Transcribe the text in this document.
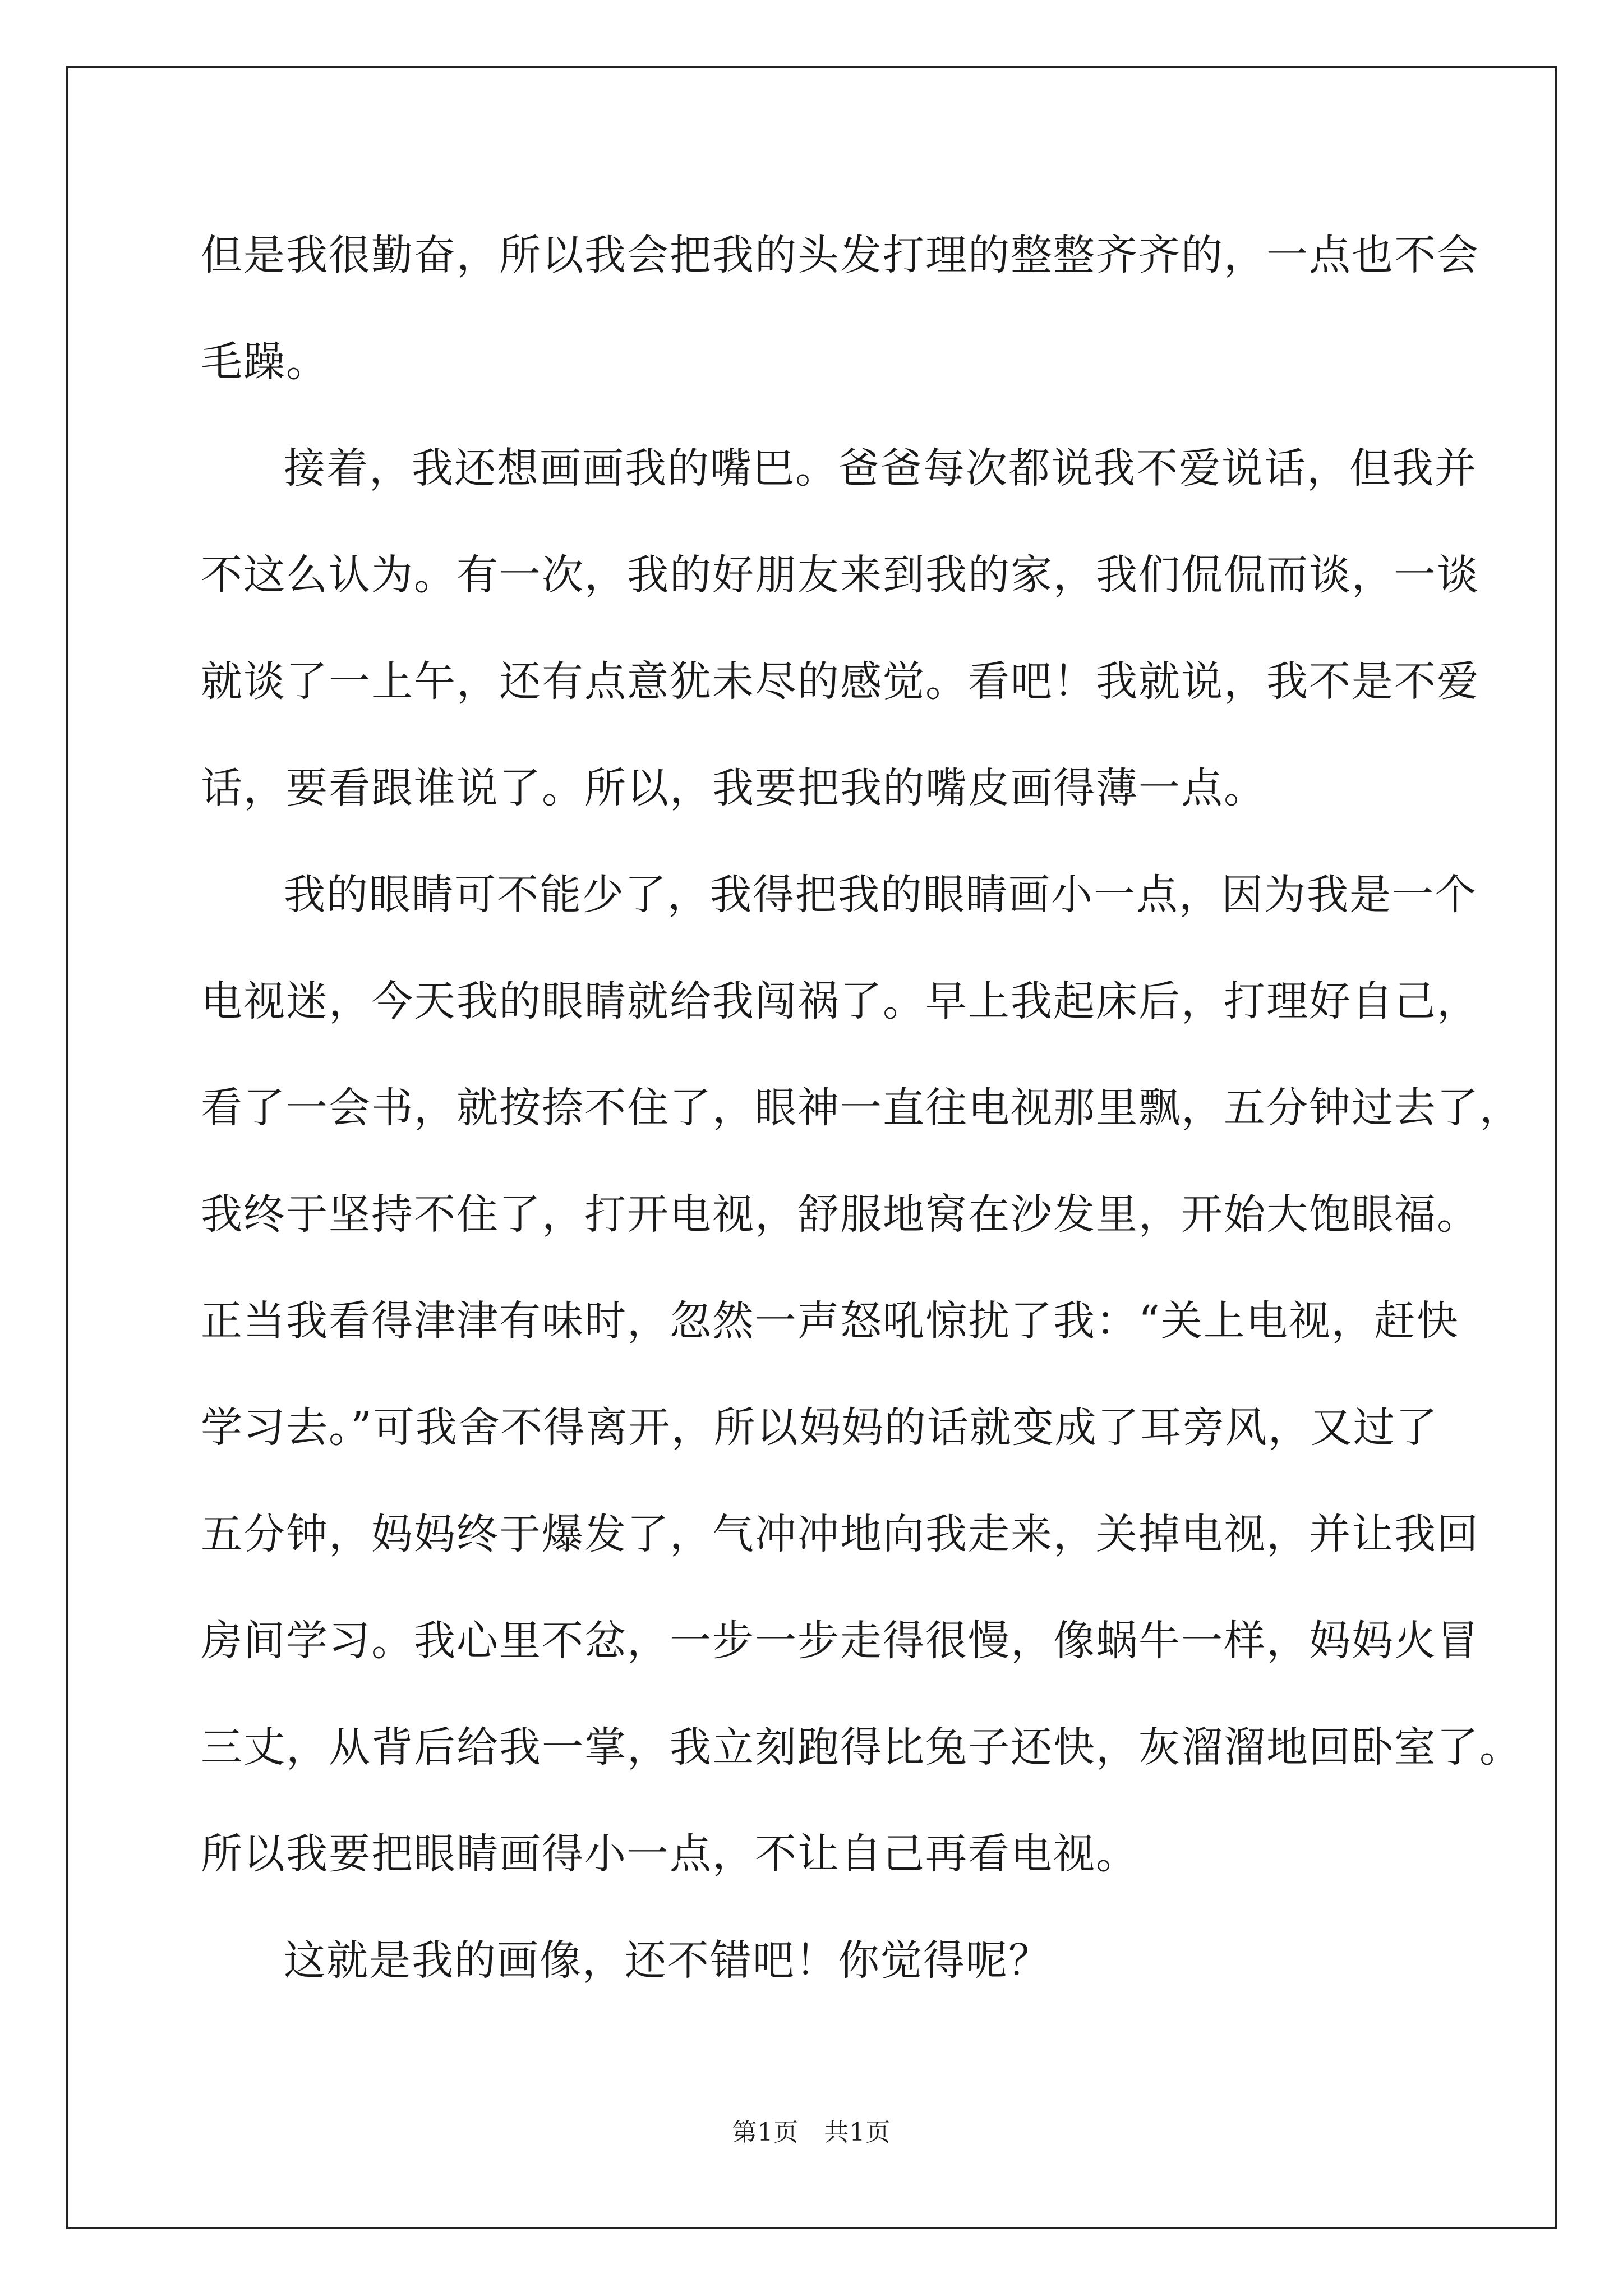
但是我很勤奋，所以我会把我的头发打理的整整齐齐的，一点也不会
毛躁。
接着，我还想画画我的嘴巴。爸爸每次都说我不爱说话，但我并
不这么认为。有一次，我的好朋友来到我的家，我们侃侃而谈，一谈
就谈了一上午，还有点意犹未尽的感觉。看吧！我就说，我不是不爱
话，要看跟谁说了。所以，我要把我的嘴皮画得薄一点。
我的眼睛可不能少了，我得把我的眼睛画小一点，因为我是一个
电视迷，今天我的眼睛就给我闯祸了。早上我起床后，打理好自己，
看了一会书，就按捺不住了，眼神一直往电视那里飘，五分钟过去了，
我终于坚持不住了，打开电视，舒服地窝在沙发里，开始大饱眼福。
正当我看得津津有味时，忽然一声怒吼惊扰了我：“关上电视，赶快
学习去。”可我舍不得离开，所以妈妈的话就变成了耳旁风，又过了
五分钟，妈妈终于爆发了，气冲冲地向我走来，关掉电视，并让我回
房间学习。我心里不忿，一步一步走得很慢，像蜗牛一样，妈妈火冒
三丈，从背后给我一掌，我立刻跑得比兔子还快，灰溜溜地回卧室了。
所以我要把眼睛画得小一点，不让自己再看电视。
这就是我的画像，还不错吧！你觉得呢？
第1页   共1页
